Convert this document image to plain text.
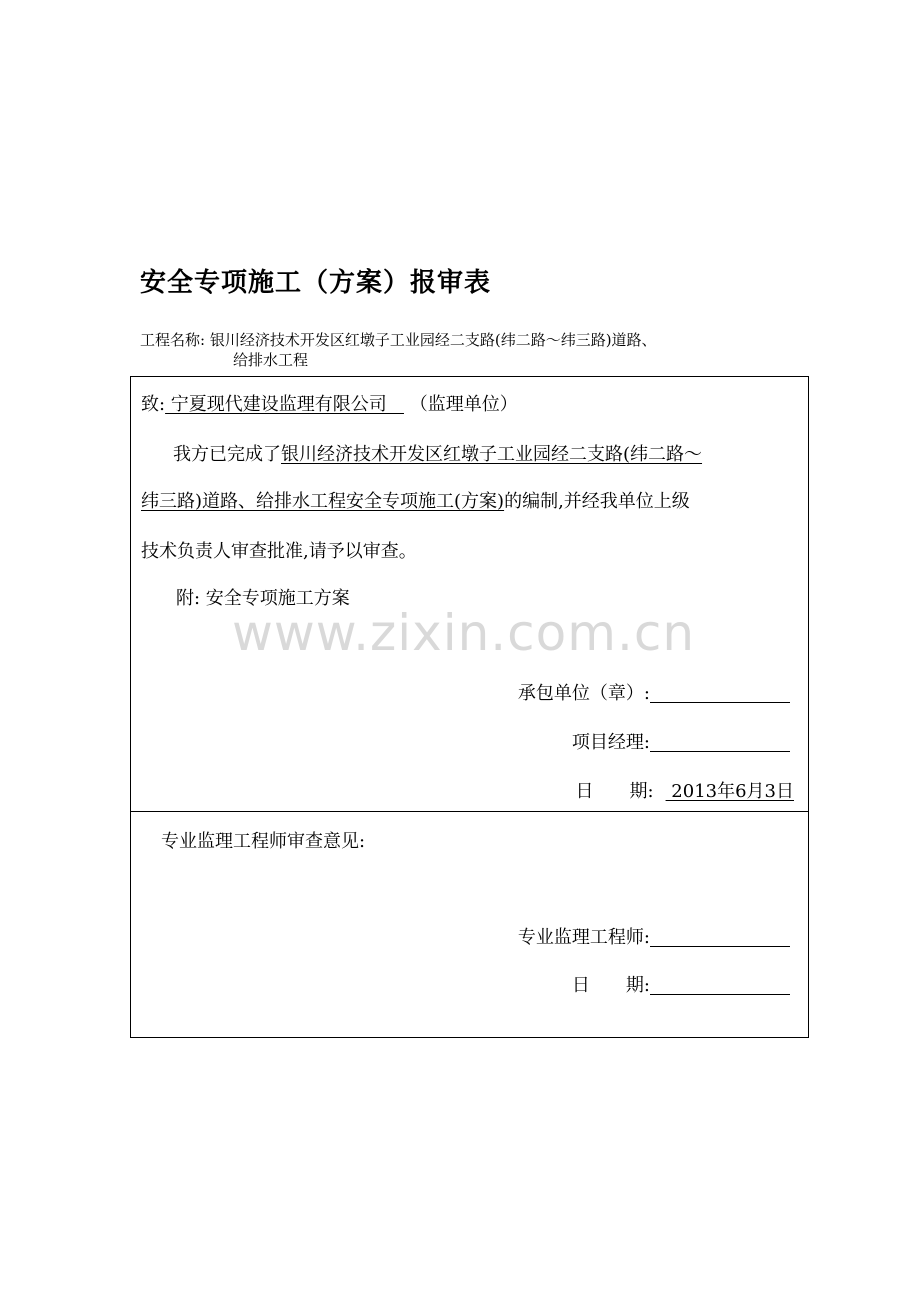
安全专项施工（方案）报审表
工程名称: 银川经济技术开发区红墩子工业园经二支路(纬二路～纬三路)道路、
给排水工程
致: 宁夏现代建设监理有限公司    （监理单位）
我方已完成了银川经济技术开发区红墩子工业园经二支路(纬二路～
纬三路)道路、给排水工程安全专项施工(方案)的编制,并经我单位上级
技术负责人审查批准,请予以审查。
附: 安全专项施工方案
承包单位（章）:
项目经理:
日　　期: 2013年6月3日
专业监理工程师审查意见:
专业监理工程师:
日　　期:
www.zixin.com.cn
